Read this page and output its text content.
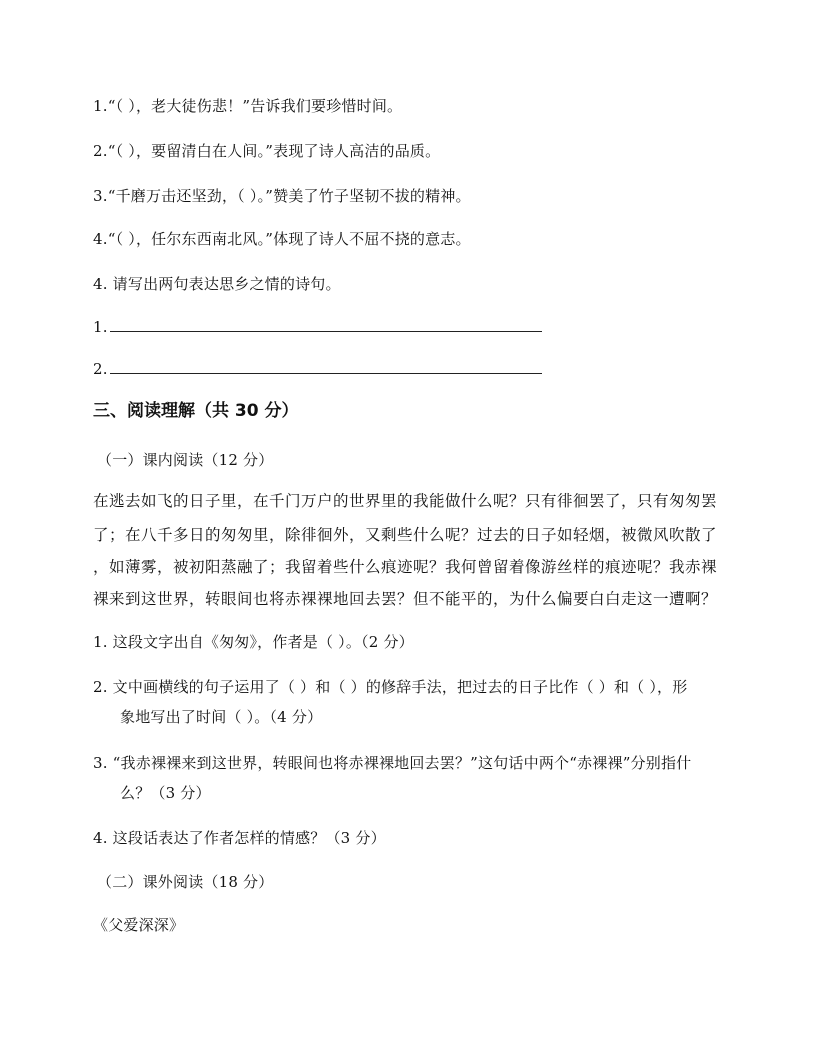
1.“（ ），老大徒伤悲！”告诉我们要珍惜时间。
2.“（ ），要留清白在人间。”表现了诗人高洁的品质。
3.“千磨万击还坚劲，（ ）。”赞美了竹子坚韧不拔的精神。
4.“（ ），任尔东西南北风。”体现了诗人不屈不挠的意志。
4. 请写出两句表达思乡之情的诗句。
1.
2.
三、阅读理解（共 30 分）
（一）课内阅读（12 分）
在逃去如飞的日子里，在千门万户的世界里的我能做什么呢？只有徘徊罢了，只有匆匆罢
了；在八千多日的匆匆里，除徘徊外，又剩些什么呢？过去的日子如轻烟，被微风吹散了
，如薄雾，被初阳蒸融了；我留着些什么痕迹呢？我何曾留着像游丝样的痕迹呢？我赤裸
裸来到这世界，转眼间也将赤裸裸地回去罢？但不能平的，为什么偏要白白走这一遭啊？
1. 这段文字出自《匆匆》，作者是（ ）。（2 分）
2. 文中画横线的句子运用了（ ）和（ ）的修辞手法，把过去的日子比作（ ）和（ ），形
象地写出了时间（ ）。（4 分）
3. “我赤裸裸来到这世界，转眼间也将赤裸裸地回去罢？”这句话中两个“赤裸裸”分别指什
么？（3 分）
4. 这段话表达了作者怎样的情感？（3 分）
（二）课外阅读（18 分）
《父爱深深》
